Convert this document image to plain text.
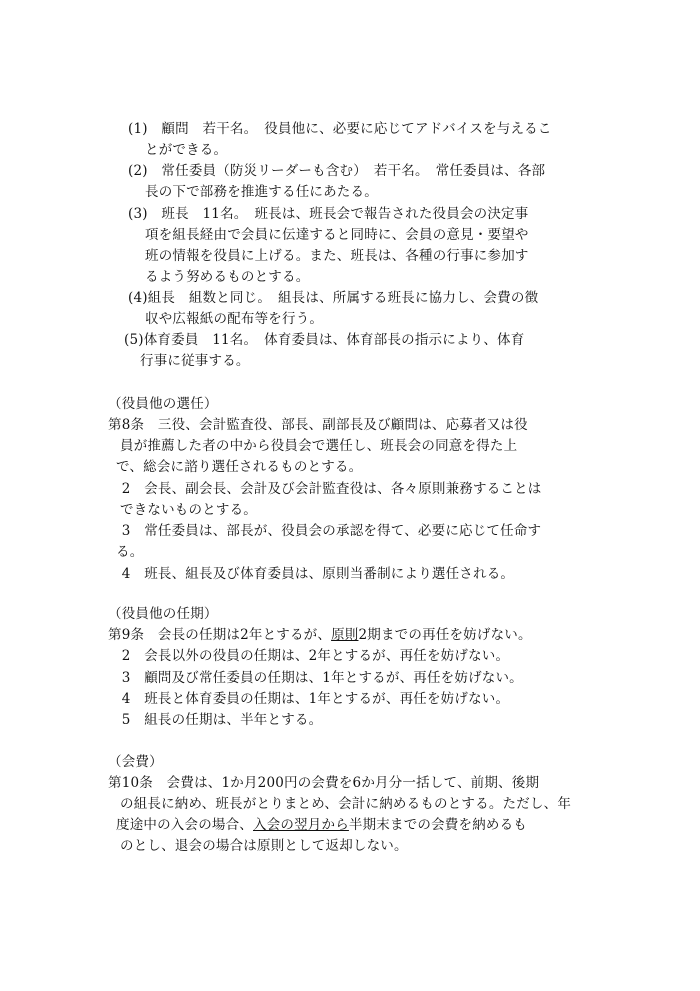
(1)　顧問　若干名。　役員他に、必要に応じてアドバイスを与えるこ
とができる。
(2)　常任委員（防災リーダーも含む）　若干名。　常任委員は、各部
長の下で部務を推進する任にあたる。
(3)　班長　11名。　班長は、班長会で報告された役員会の決定事
項を組長経由で会員に伝達すると同時に、会員の意見・要望や
班の情報を役員に上げる。また、班長は、各種の行事に参加す
るよう努めるものとする。
(4)組長　組数と同じ。　組長は、所属する班長に協力し、会費の徴
収や広報紙の配布等を行う。
(5)体育委員　11名。　体育委員は、体育部長の指示により、体育
行事に従事する。
（役員他の選任）
第8条　三役、会計監査役、部長、副部長及び顧問は、応募者又は役
員が推薦した者の中から役員会で選任し、班長会の同意を得た上
で、総会に諮り選任されるものとする。
　2　会長、副会長、会計及び会計監査役は、各々原則兼務することは
できないものとする。
　3　常任委員は、部長が、役員会の承認を得て、必要に応じて任命す
る。
　4　班長、組長及び体育委員は、原則当番制により選任される。
（役員他の任期）
第9条　会長の任期は2年とするが、原則2期までの再任を妨げない。
　2　会長以外の役員の任期は、2年とするが、再任を妨げない。
　3　顧問及び常任委員の任期は、1年とするが、再任を妨げない。
　4　班長と体育委員の任期は、1年とするが、再任を妨げない。
　5　組長の任期は、半年とする。
（会費）
第10条　会費は、1か月200円の会費を6か月分一括して、前期、後期
の組長に納め、班長がとりまとめ、会計に納めるものとする。ただし、年
度途中の入会の場合、入会の翌月から半期末までの会費を納めるも
のとし、退会の場合は原則として返却しない。
